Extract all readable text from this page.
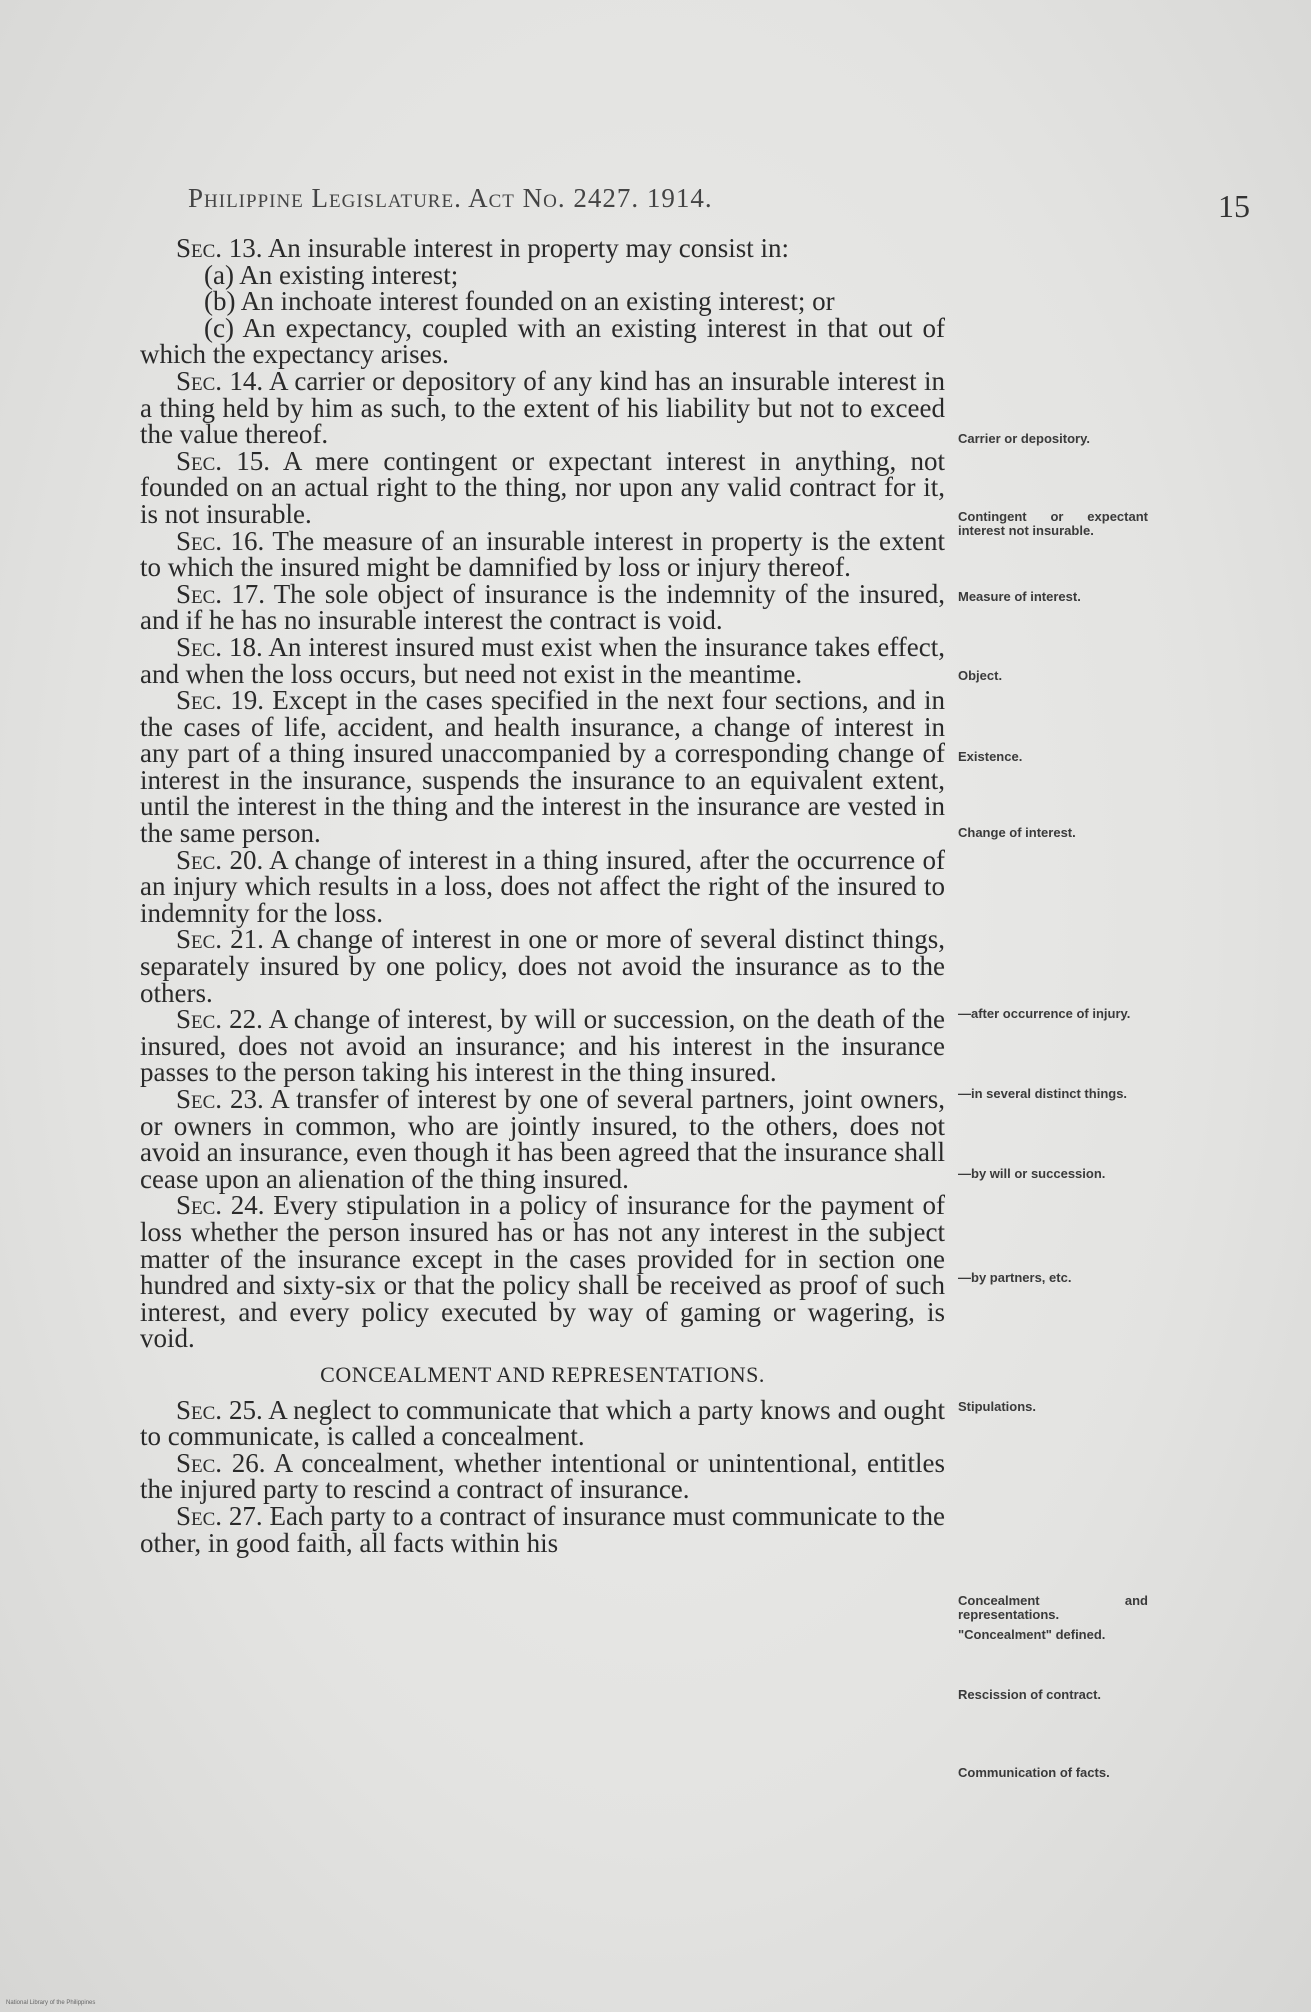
Philippine Legislature. Act No. 2427. 1914.	15

Sec. 13. An insurable interest in property may consist in:

(a) An existing interest;

(b) An inchoate interest founded on an existing interest; or

(c) An expectancy, coupled with an existing interest in that out of which the expectancy arises.

Sec. 14. A carrier or depository of any kind has an insurable interest in a thing held by him as such, to the extent of his liability but not to exceed the value thereof.

Sec. 15. A mere contingent or expectant interest in anything, not founded on an actual right to the thing, nor upon any valid contract for it, is not insurable.

Sec. 16. The measure of an insurable interest in property is the extent to which the insured might be damnified by loss or injury thereof.

Sec. 17. The sole object of insurance is the indemnity of the insured, and if he has no insurable interest the contract is void.

Sec. 18. An interest insured must exist when the insurance takes effect, and when the loss occurs, but need not exist in the meantime.

Sec. 19. Except in the cases specified in the next four sections, and in the cases of life, accident, and health insurance, a change of interest in any part of a thing insured unaccompanied by a corresponding change of interest in the insurance, suspends the insurance to an equivalent extent, until the interest in the thing and the interest in the insurance are vested in the same person.

Sec. 20. A change of interest in a thing insured, after the occurrence of an injury which results in a loss, does not affect the right of the insured to indemnity for the loss.

Sec. 21. A change of interest in one or more of several distinct things, separately insured by one policy, does not avoid the insurance as to the others.

Sec. 22. A change of interest, by will or succession, on the death of the insured, does not avoid an insurance; and his interest in the insurance passes to the person taking his interest in the thing insured.

Sec. 23. A transfer of interest by one of several partners, joint owners, or owners in common, who are jointly insured, to the others, does not avoid an insurance, even though it has been agreed that the insurance shall cease upon an alienation of the thing insured.

Sec. 24. Every stipulation in a policy of insurance for the payment of loss whether the person insured has or has not any interest in the subject matter of the insurance except in the cases provided for in section one hundred and sixty-six or that the policy shall be received as proof of such interest, and every policy executed by way of gaming or wagering, is void.

CONCEALMENT AND REPRESENTATIONS.

Sec. 25. A neglect to communicate that which a party knows and ought to communicate, is called a concealment.

Sec. 26. A concealment, whether intentional or unintentional, entitles the injured party to rescind a contract of insurance.

Sec. 27. Each party to a contract of insurance must communicate to the other, in good faith, all facts within his

Carrier or depository.
Contingent or expectant interest not insurable.
Measure of interest.
Object.
Existence.
Change of interest.
—after occurrence of injury.
—in several distinct things.
—by will or succession.
—by partners, etc.
Stipulations.
Concealment and representations.
"Concealment" defined.
Rescission of contract.
Communication of facts.
National Library of the Philippines
